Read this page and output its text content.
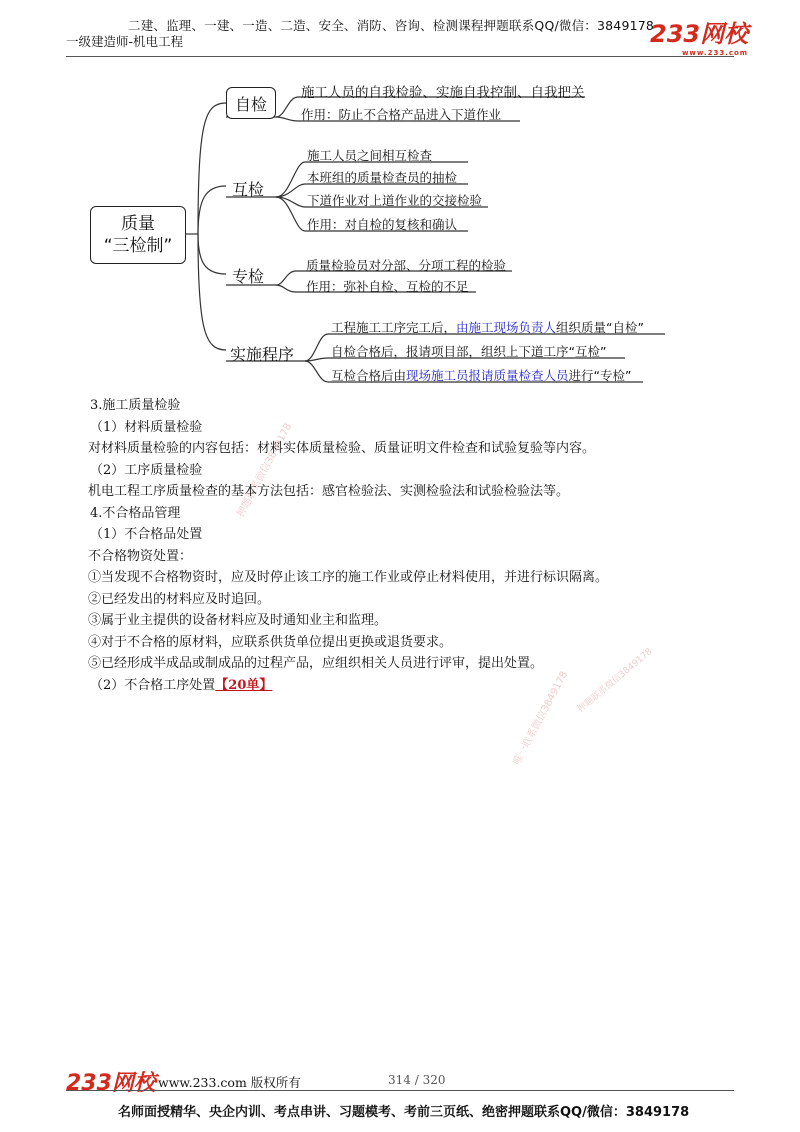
二建、监理、一建、一造、二造、安全、消防、咨询、检测课程押题联系QQ/微信：3849178
一级建造师-机电工程	233网校
www.233.com
质量
“三检制”
自检
施工人员的自我检验、实施自我控制、自我把关
作用：防止不合格产品进入下道作业
互检
施工人员之间相互检查
本班组的质量检查员的抽检
下道作业对上道作业的交接检验
作用：对自检的复核和确认
专检
质量检验员对分部、分项工程的检验
作用：弥补自检、互检的不足
实施程序
工程施工工序完工后，由施工现场负责人组织质量“自检”
自检合格后，报请项目部，组织上下道工序“互检”
互检合格后由现场施工员报请质量检查人员进行“专检”
押题联系微信3849178
唯一联系微信3849178 押题联系微信3849178
3.施工质量检验
（1）材料质量检验
对材料质量检验的内容包括：材料实体质量检验、质量证明文件检查和试验复验等内容。
（2）工序质量检验
机电工程工序质量检查的基本方法包括：感官检验法、实测检验法和试验检验法等。
4.不合格品管理
（1）不合格品处置
不合格物资处置：
①当发现不合格物资时，应及时停止该工序的施工作业或停止材料使用，并进行标识隔离。
②已经发出的材料应及时追回。
③属于业主提供的设备材料应及时通知业主和监理。
④对于不合格的原材料，应联系供货单位提出更换或退货要求。
⑤已经形成半成品或制成品的过程产品，应组织相关人员进行评审，提出处置。
（2）不合格工序处置【20单】
233网校 www.233.com 版权所有	314 / 320
名师面授精华、央企内训、考点串讲、习题模考、考前三页纸、绝密押题联系QQ/微信：3849178
